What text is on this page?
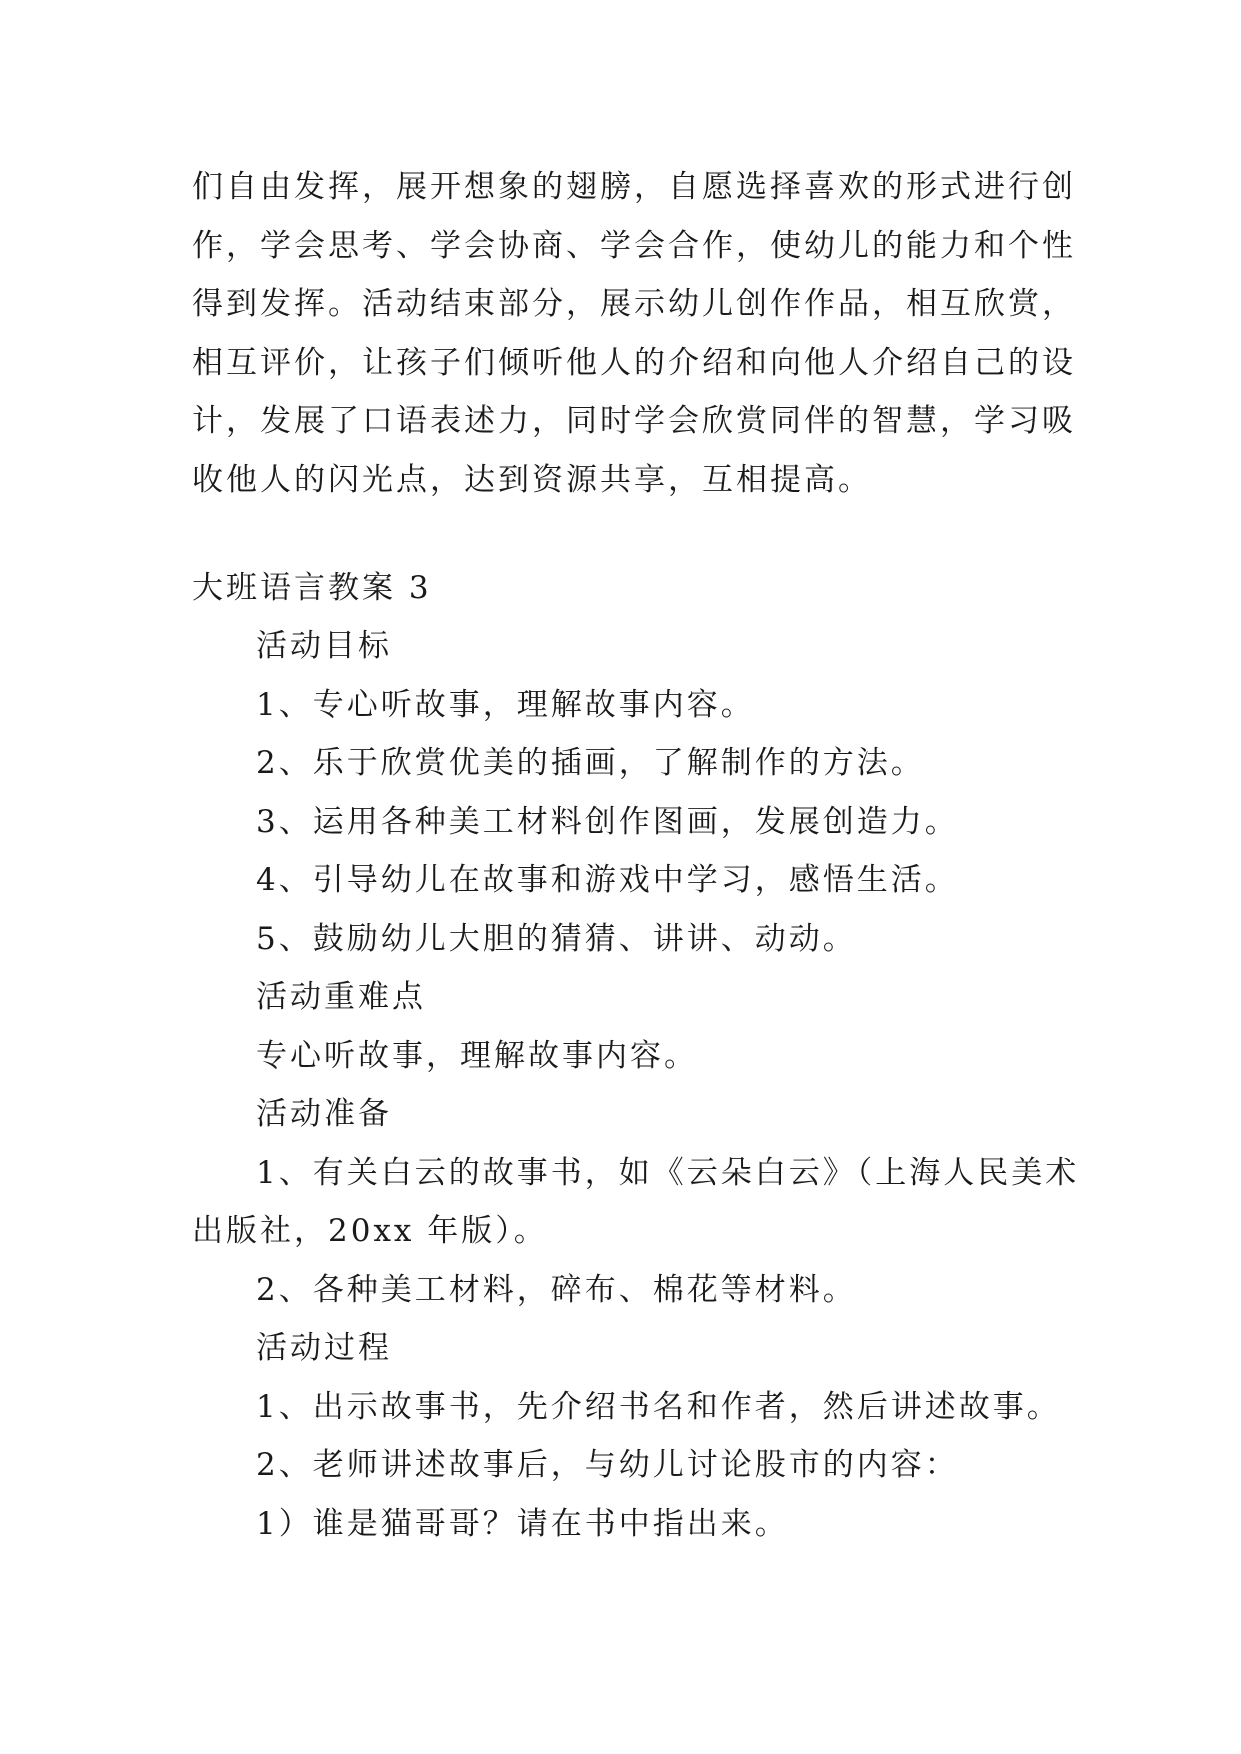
们自由发挥，展开想象的翅膀，自愿选择喜欢的形式进行创
作，学会思考、学会协商、学会合作，使幼儿的能力和个性
得到发挥。活动结束部分，展示幼儿创作作品，相互欣赏，
相互评价，让孩子们倾听他人的介绍和向他人介绍自己的设
计，发展了口语表述力，同时学会欣赏同伴的智慧，学习吸
收他人的闪光点，达到资源共享，互相提高。

大班语言教案 3

活动目标

1、专心听故事，理解故事内容。

2、乐于欣赏优美的插画，了解制作的方法。

3、运用各种美工材料创作图画，发展创造力。

4、引导幼儿在故事和游戏中学习，感悟生活。

5、鼓励幼儿大胆的猜猜、讲讲、动动。

活动重难点

专心听故事，理解故事内容。

活动准备

1、有关白云的故事书，如《云朵白云》（上海人民美术

出版社，20xx 年版）。

2、各种美工材料，碎布、棉花等材料。

活动过程

1、出示故事书，先介绍书名和作者，然后讲述故事。

2、老师讲述故事后，与幼儿讨论股市的内容：

1）谁是猫哥哥？请在书中指出来。
